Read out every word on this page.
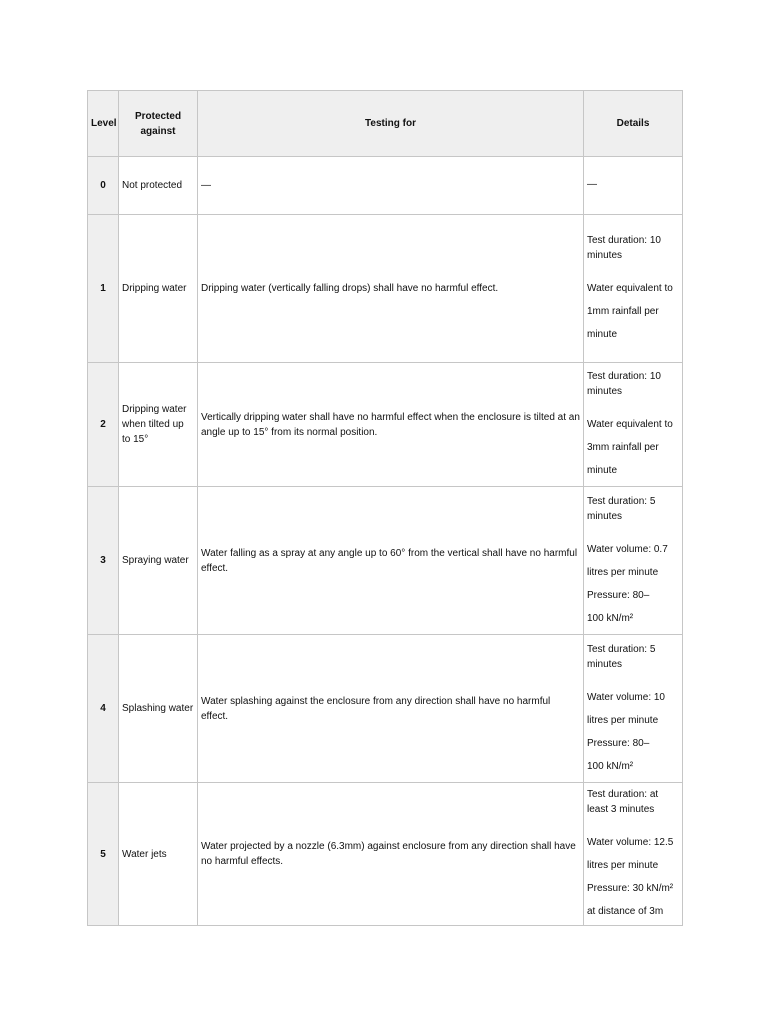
Level	Protected against	Testing for	Details
0	Not protected	—	—

1	Dripping water	Dripping water (vertically falling drops) shall have no harmful effect.	Test duration: 10 minutes
Water equivalent to
1mm rainfall per
minute

2	Dripping water when tilted up to 15°	Vertically dripping water shall have no harmful effect when the enclosure is tilted at an angle up to 15° from its normal position.	Test duration: 10 minutes
Water equivalent to
3mm rainfall per
minute

3	Spraying water	Water falling as a spray at any angle up to 60° from the vertical shall have no harmful effect.	Test duration: 5 minutes
Water volume: 0.7
litres per minute
Pressure: 80–
100 kN/m²

4	Splashing water	Water splashing against the enclosure from any direction shall have no harmful effect.	Test duration: 5 minutes
Water volume: 10
litres per minute
Pressure: 80–
100 kN/m²

5	Water jets	Water projected by a nozzle (6.3mm) against enclosure from any direction shall have no harmful effects.	Test duration: at least 3 minutes
Water volume: 12.5
litres per minute
Pressure: 30 kN/m²
at distance of 3m
